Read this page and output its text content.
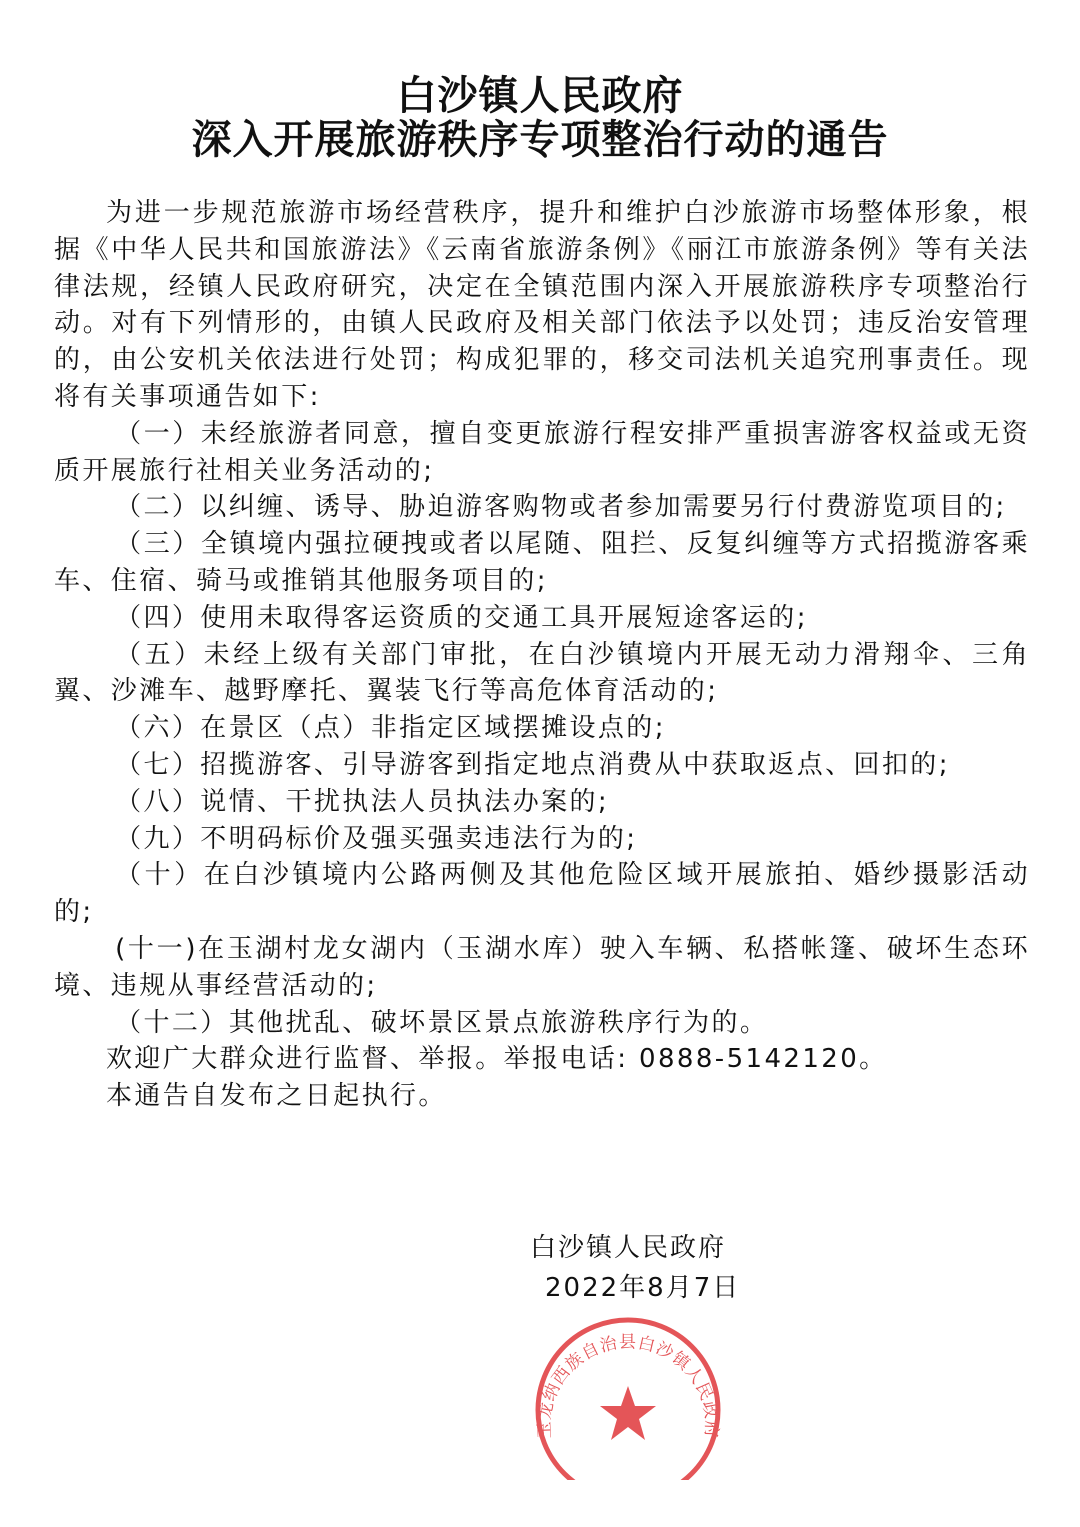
白沙镇人民政府
深入开展旅游秩序专项整治行动的通告

为进一步规范旅游市场经营秩序，提升和维护白沙旅游市场整体形象，根据《中华人民共和国旅游法》《云南省旅游条例》《丽江市旅游条例》等有关法律法规，经镇人民政府研究，决定在全镇范围内深入开展旅游秩序专项整治行动。对有下列情形的，由镇人民政府及相关部门依法予以处罚；违反治安管理的，由公安机关依法进行处罚；构成犯罪的，移交司法机关追究刑事责任。现将有关事项通告如下:

（一）未经旅游者同意，擅自变更旅游行程安排严重损害游客权益或无资质开展旅行社相关业务活动的;

（二）以纠缠、诱导、胁迫游客购物或者参加需要另行付费游览项目的;

（三）全镇境内强拉硬拽或者以尾随、阻拦、反复纠缠等方式招揽游客乘车、住宿、骑马或推销其他服务项目的;

（四）使用未取得客运资质的交通工具开展短途客运的;

（五）未经上级有关部门审批，在白沙镇境内开展无动力滑翔伞、三角翼、沙滩车、越野摩托、翼装飞行等高危体育活动的;

（六）在景区（点）非指定区域摆摊设点的;

（七）招揽游客、引导游客到指定地点消费从中获取返点、回扣的;

（八）说情、干扰执法人员执法办案的;

（九）不明码标价及强买强卖违法行为的;

（十）在白沙镇境内公路两侧及其他危险区域开展旅拍、婚纱摄影活动的;

(十一)在玉湖村龙女湖内（玉湖水库）驶入车辆、私搭帐篷、破坏生态环境、违规从事经营活动的;

（十二）其他扰乱、破坏景区景点旅游秩序行为的。

欢迎广大群众进行监督、举报。举报电话: 0888-5142120。

本通告自发布之日起执行。

玉龙纳西族自治县白沙镇人民政府
白沙镇人民政府
2022年8月7日
